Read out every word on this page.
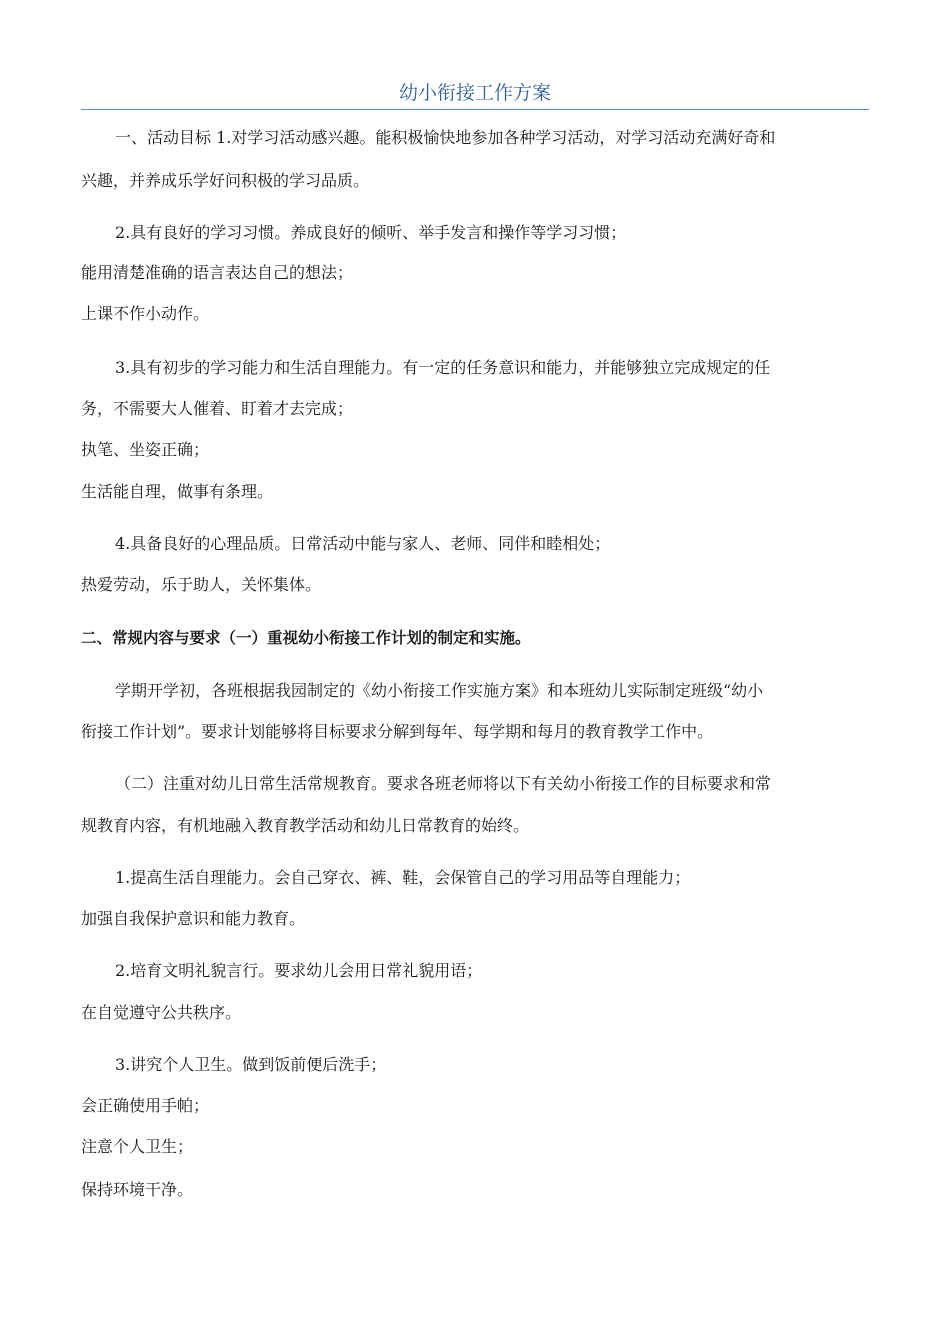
幼小衔接工作方案
一、活动目标 1.对学习活动感兴趣。能积极愉快地参加各种学习活动，对学习活动充满好奇和
兴趣，并养成乐学好问积极的学习品质。
2.具有良好的学习习惯。养成良好的倾听、举手发言和操作等学习习惯；
能用清楚准确的语言表达自己的想法；
上课不作小动作。
3.具有初步的学习能力和生活自理能力。有一定的任务意识和能力，并能够独立完成规定的任
务，不需要大人催着、盯着才去完成；
执笔、坐姿正确；
生活能自理，做事有条理。
4.具备良好的心理品质。日常活动中能与家人、老师、同伴和睦相处；
热爱劳动，乐于助人，关怀集体。
二、常规内容与要求（一）重视幼小衔接工作计划的制定和实施。
学期开学初，各班根据我园制定的《幼小衔接工作实施方案》和本班幼儿实际制定班级“幼小
衔接工作计划”。要求计划能够将目标要求分解到每年、每学期和每月的教育教学工作中。
（二）注重对幼儿日常生活常规教育。要求各班老师将以下有关幼小衔接工作的目标要求和常
规教育内容，有机地融入教育教学活动和幼儿日常教育的始终。
1.提高生活自理能力。会自己穿衣、裤、鞋，会保管自己的学习用品等自理能力；
加强自我保护意识和能力教育。
2.培育文明礼貌言行。要求幼儿会用日常礼貌用语；
在自觉遵守公共秩序。
3.讲究个人卫生。做到饭前便后洗手；
会正确使用手帕；
注意个人卫生；
保持环境干净。
